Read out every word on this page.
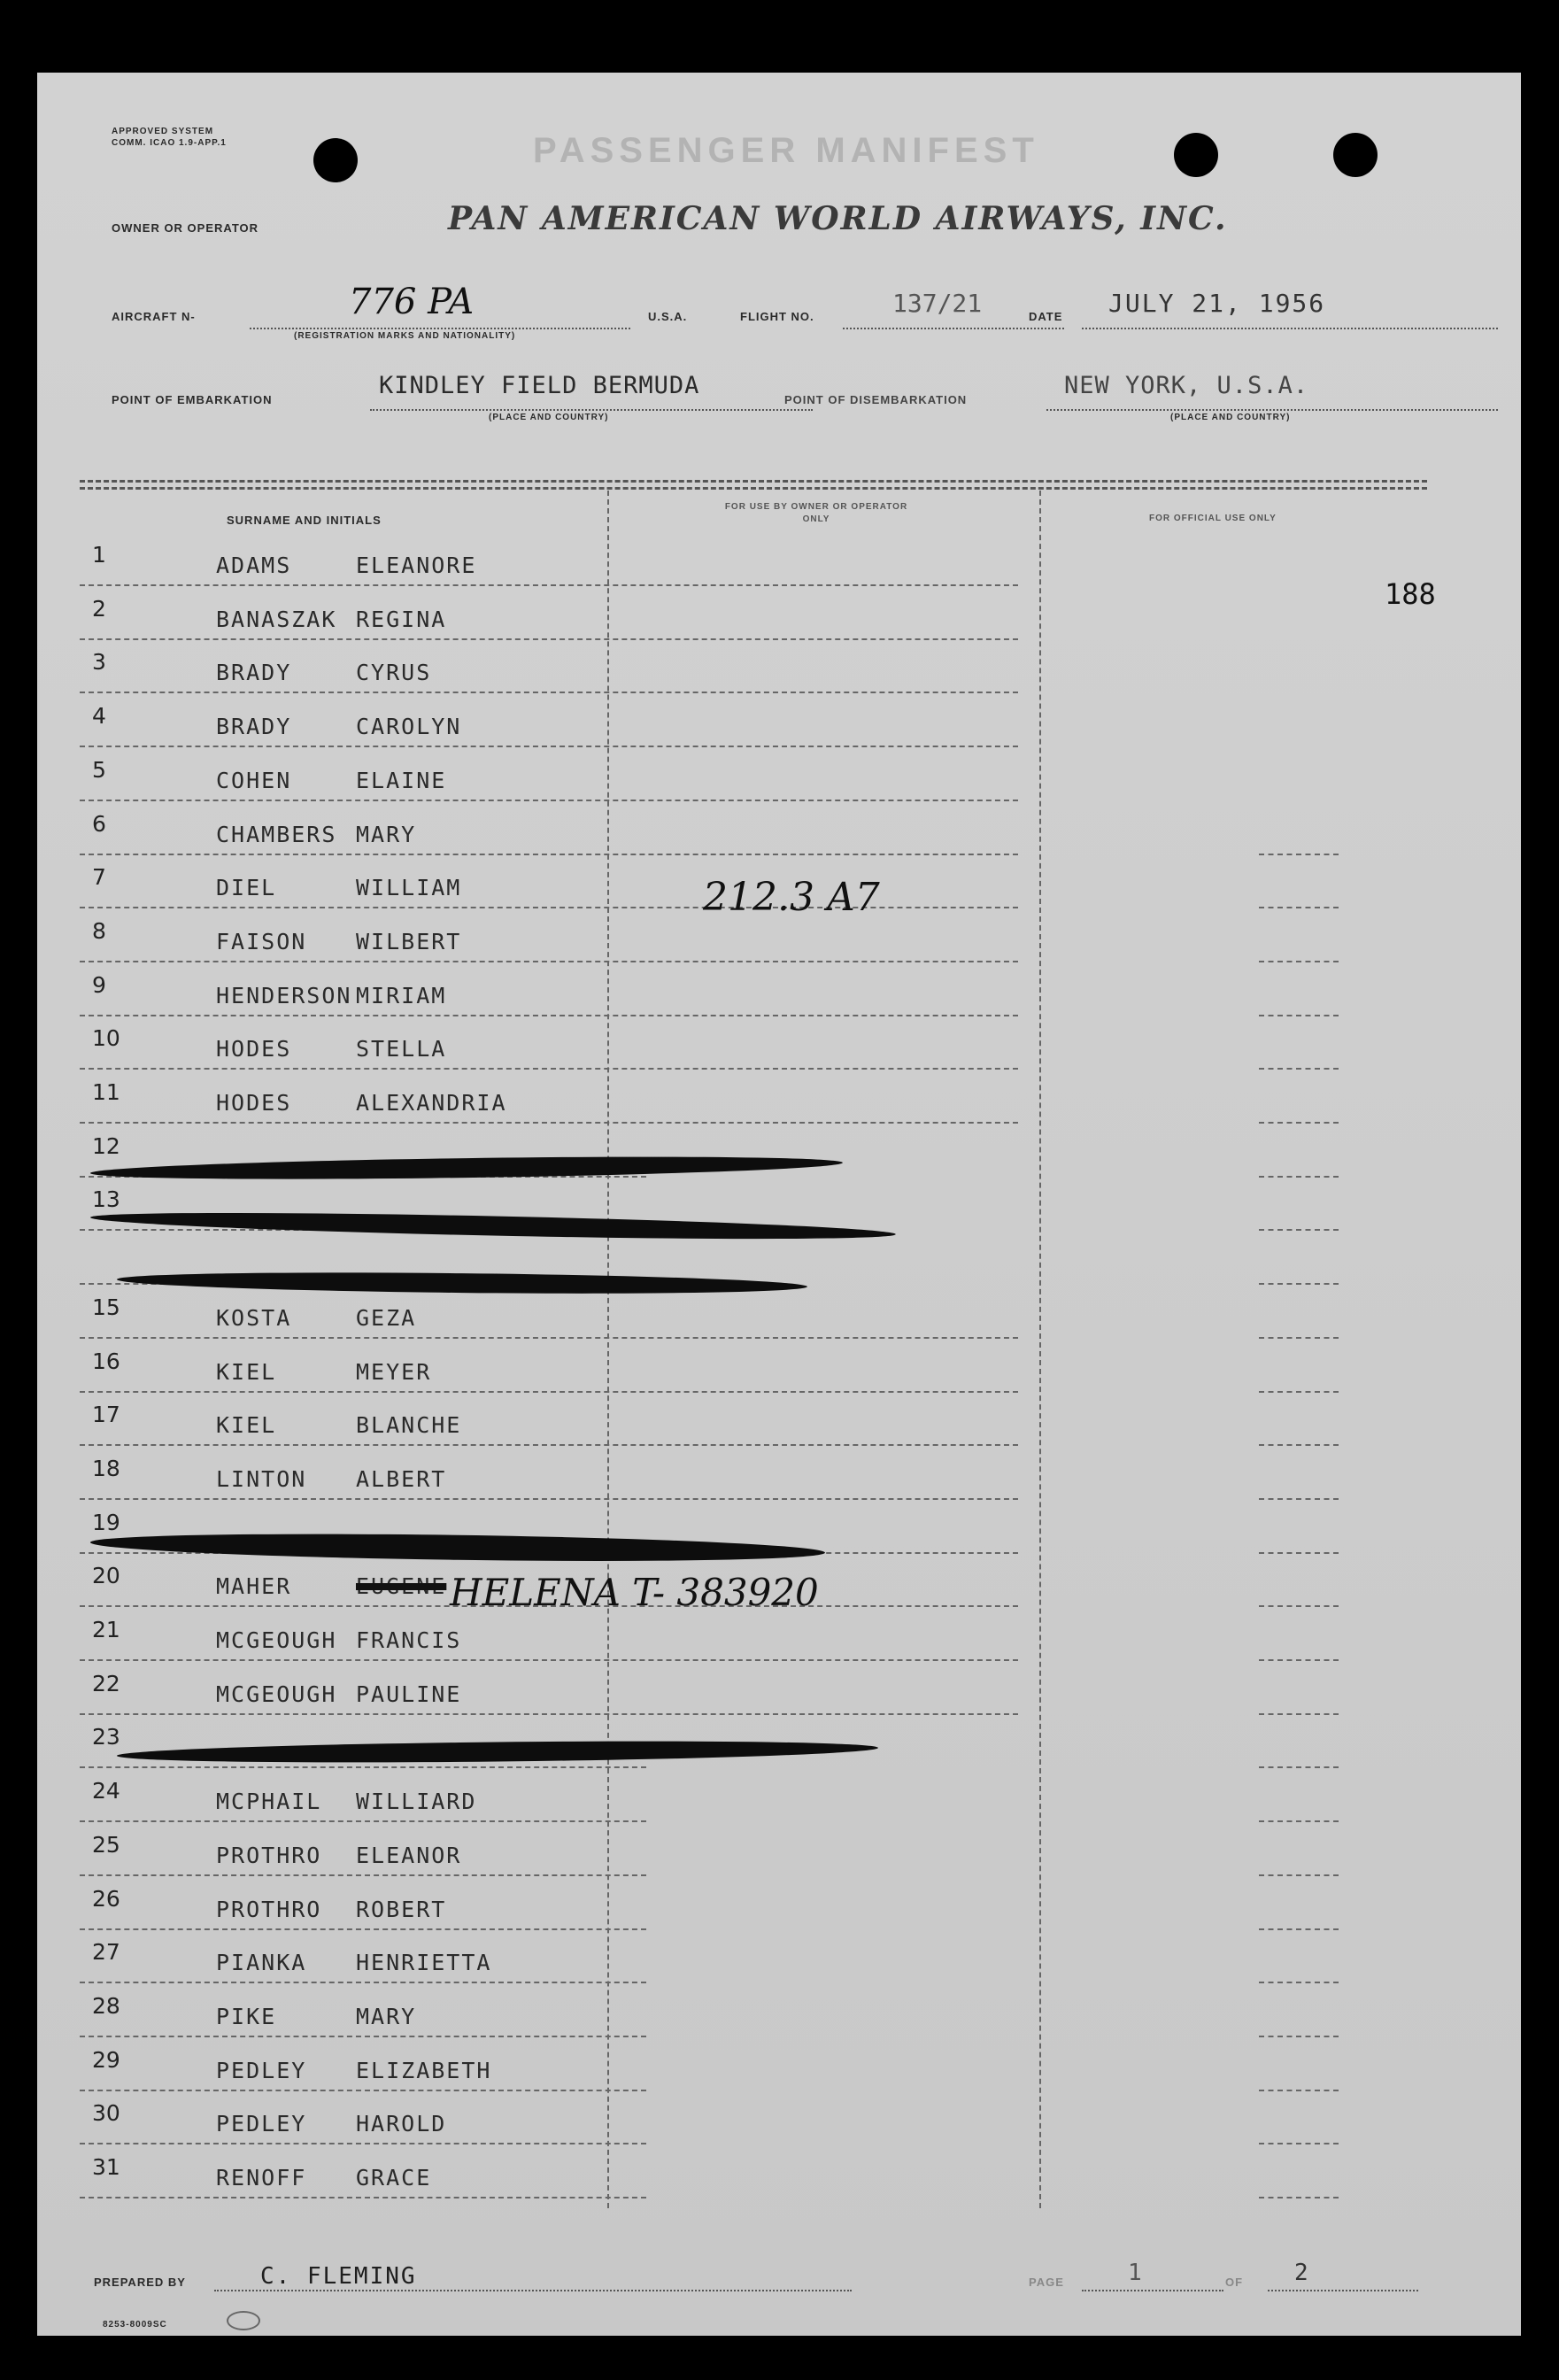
APPROVED SYSTEM COMM. ICAO 1.9-APP.1	PASSENGER MANIFEST
OWNER OR OPERATOR	PAN AMERICAN WORLD AIRWAYS, INC.
AIRCRAFT N-	776 PA
(REGISTRATION MARKS AND NATIONALITY)
U.S.A.	FLIGHT NO.	137/21	DATE JULY 21, 1956
POINT OF EMBARKATION
KINDLEY FIELD BERMUDA
(PLACE AND COUNTRY)
POINT OF DISEMBARKATION
NEW YORK, U.S.A.
(PLACE AND COUNTRY)
SURNAME AND INITIALS
FOR USE BY OWNER OR OPERATOR ONLY	FOR OFFICIAL USE ONLY
188
1	ADAMS	ELEANORE
2	BANASZAK REGINA
3	BRADY	CYRUS
4	BRADY	CAROLYN
5	COHEN	ELAINE
6	CHAMBERS MARY
7	DIEL	WILLIAM
8	FAISON WILBERT
9	HENDERSON MIRIAM
10	HODES	STELLA
11	HODES	ALEXANDRIA
12
13
15	KOSTA	GEZA
16	KIEL	MEYER
17	KIEL	BLANCHE
18	LINTON ALBERT
19
20	MAHER	EUGENE
21	MCGEOUGH FRANCIS
22	MCGEOUGH PAULINE
23
24	MCPHAIL WILLIARD
25	PROTHRO ELEANOR
26	PROTHRO ROBERT
27	PIANKA HENRIETTA
28	PIKE	MARY
29	PEDLEY ELIZABETH
30	PEDLEY HAROLD
31	RENOFF GRACE
212.3 A7
HELENA T- 383920
PREPARED BY	C. FLEMING	PAGE	1	OF 2
8253-8009SC
